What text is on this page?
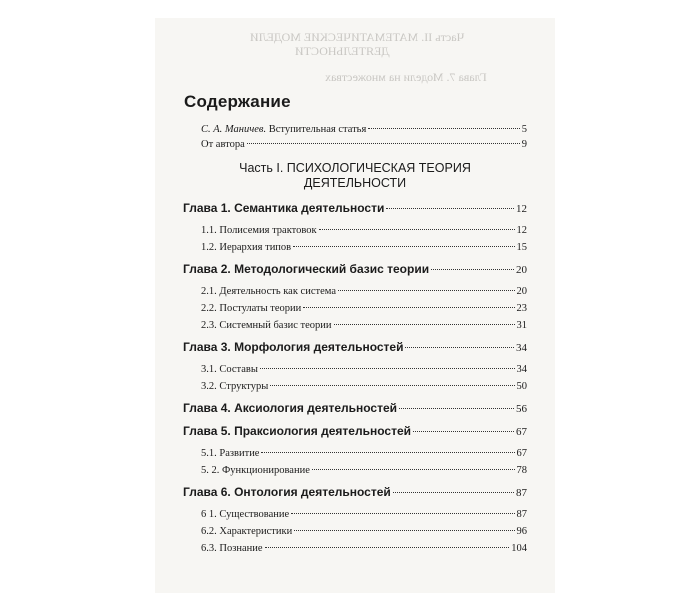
Часть II. МАТЕМАТИЧЕСКИЕ МОДЕЛИ
ДЕЯТЕЛЬНОСТИ
Глава 7. Модели на множествах
Содержание
С. А. Маничев. Вступительная статья	5
От автора	9
Часть I. ПСИХОЛОГИЧЕСКАЯ ТЕОРИЯ
ДЕЯТЕЛЬНОСТИ
Глава 1. Семантика деятельности	12
1.1. Полисемия трактовок	12
1.2. Иерархия типов	15
Глава 2. Методологический базис теории	20
2.1. Деятельность как система	20
2.2. Постулаты теории	23
2.3. Системный базис теории	31
Глава 3. Морфология деятельностей	34
3.1. Составы	34
3.2. Структуры	50
Глава 4. Аксиология деятельностей	56
Глава 5. Праксиология деятельностей	67
5.1. Развитие	67
5. 2. Функционирование	78
Глава 6. Онтология деятельностей	87
6 1. Существование	87
6.2. Характеристики	96
6.3. Познание	104
